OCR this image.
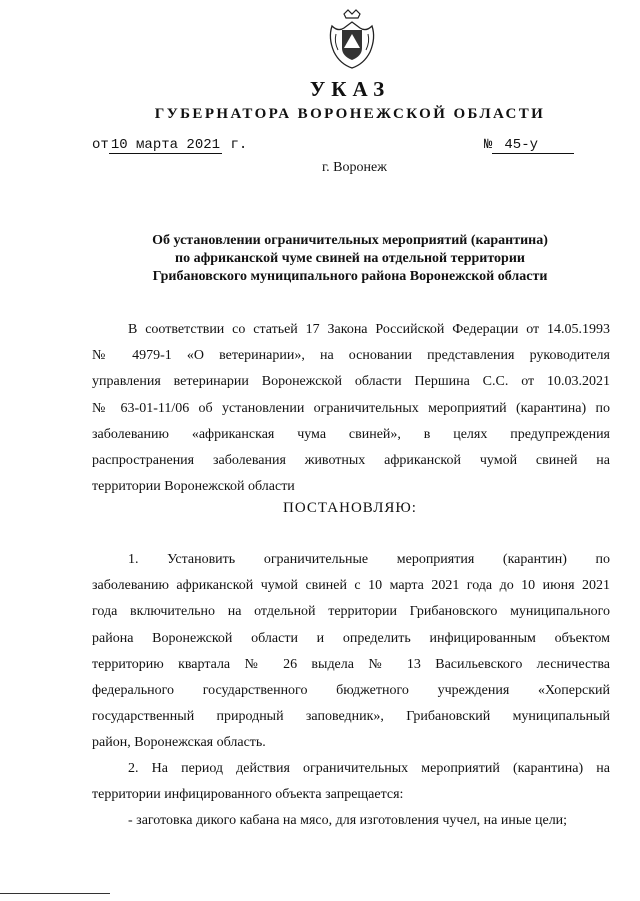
УКАЗ
ГУБЕРНАТОРА ВОРОНЕЖСКОЙ ОБЛАСТИ
от 10 марта 2021 г.	№ 45-у
г. Воронеж
Об установлении ограничительных мероприятий (карантина)
по африканской чуме свиней на отдельной территории
Грибановского муниципального района Воронежской области

В соответствии со статьей 17 Закона Российской Федерации от 14.05.1993

№ 4979-1 «О ветеринарии», на основании представления руководителя

управления ветеринарии Воронежской области Першина С.С. от 10.03.2021

№ 63-01-11/06 об установлении ограничительных мероприятий (карантина) по

заболеванию «африканская чума свиней», в целях предупреждения

распространения заболевания животных африканской чумой свиней на

территории Воронежской области

ПОСТАНОВЛЯЮ:

1. Установить ограничительные мероприятия (карантин) по

заболеванию африканской чумой свиней с 10 марта 2021 года до 10 июня 2021

года включительно на отдельной территории Грибановского муниципального

района Воронежской области и определить инфицированным объектом

территорию квартала № 26 выдела № 13 Васильевского лесничества

федерального государственного бюджетного учреждения «Хоперский

государственный природный заповедник», Грибановский муниципальный

район, Воронежская область.

2. На период действия ограничительных мероприятий (карантина) на

территории инфицированного объекта запрещается:

- заготовка дикого кабана на мясо, для изготовления чучел, на иные цели;
